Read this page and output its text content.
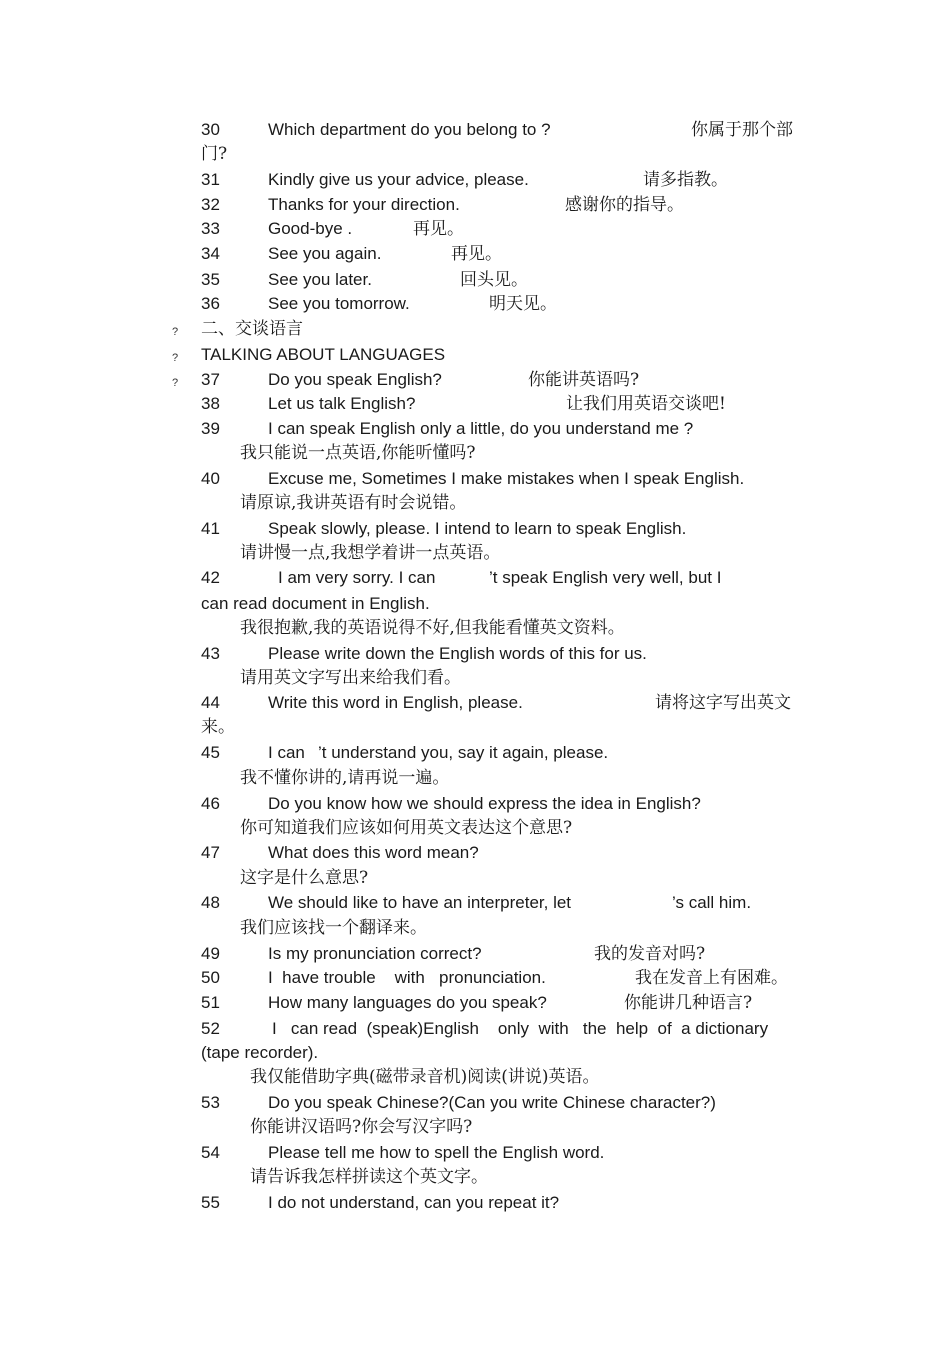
30	Which department do you belong to ?	你属于那个部
门?
31	Kindly give us your advice, please.	请多指教。
32	Thanks for your direction.	感谢你的指导。
33	Good-bye .	再见。
34	See you again.	再见。
35	See you later.	回头见。
36	See you tomorrow.	明天见。
? 二、交谈语言
? TALKING ABOUT LANGUAGES
? 37	Do you speak English?	你能讲英语吗?
38	Let us talk English?	让我们用英语交谈吧!
39	I can speak English only a little, do you understand me ?
我只能说一点英语,你能听懂吗?
40	Excuse me, Sometimes I make mistakes when I speak English.
请原谅,我讲英语有时会说错。
41	Speak slowly, please. I intend to learn to speak English.
请讲慢一点,我想学着讲一点英语。
42	I am very sorry. I can	’t speak English very well, but I
can read document in English.
我很抱歉,我的英语说得不好,但我能看懂英文资料。
43	Please write down the English words of this for us.
请用英文字写出来给我们看。
44	Write this word in English, please.	请将这字写出英文
来。
45	I can ’t understand you, say it again, please.
我不懂你讲的,请再说一遍。
46	Do you know how we should express the idea in English?
你可知道我们应该如何用英文表达这个意思?
47	What does this word mean?
这字是什么意思?
48	We should like to have an interpreter, let	’s call him.
我们应该找一个翻译来。
49	Is my pronunciation correct?	我的发音对吗?
50	I  have trouble    with   pronunciation.	我在发音上有困难。
51	How many languages do you speak?	你能讲几种语言?
52	I   can read  (speak)English    only  with   the  help  of  a dictionary
(tape recorder).
我仅能借助字典(磁带录音机)阅读(讲说)英语。
53	Do you speak Chinese?(Can you write Chinese character?)
你能讲汉语吗?你会写汉字吗?
54	Please tell me how to spell the English word.
请告诉我怎样拼读这个英文字。
55	I do not understand, can you repeat it?
